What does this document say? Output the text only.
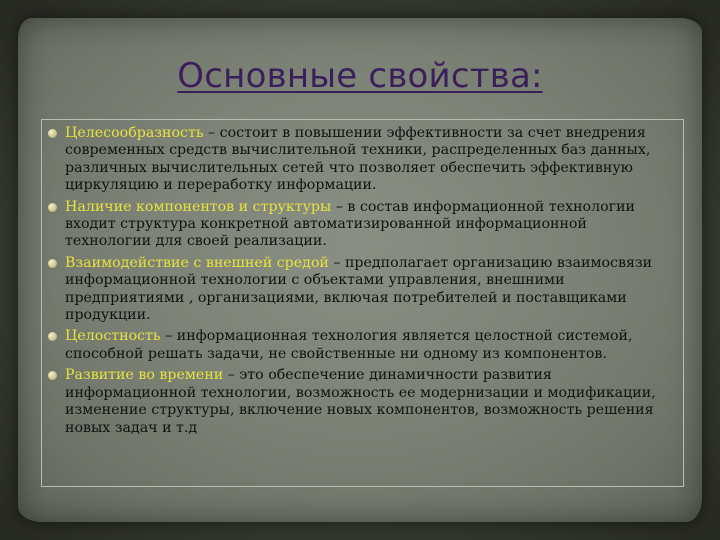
Основные свойства:
Целесообразность – состоит в повышении эффективности за счет внедрения современных средств вычислительной техники, распределенных баз данных, различных вычислительных сетей что позволяет обеспечить эффективную циркуляцию и переработку информации.
Наличие компонентов и структуры – в состав информационной технологии входит структура конкретной автоматизированной информационной технологии для своей реализации.
Взаимодействие с внешней средой – предполагает организацию взаимосвязи информационной технологии с объектами управления, внешними предприятиями , организациями, включая потребителей и поставщиками продукции.
Целостность – информационная технология является целостной системой, способной решать задачи, не свойственные ни одному из компонентов.
Развитие во времени – это обеспечение динамичности развития информационной технологии, возможность ее модернизации и модификации, изменение структуры, включение новых компонентов, возможность решения новых задач и т.д
